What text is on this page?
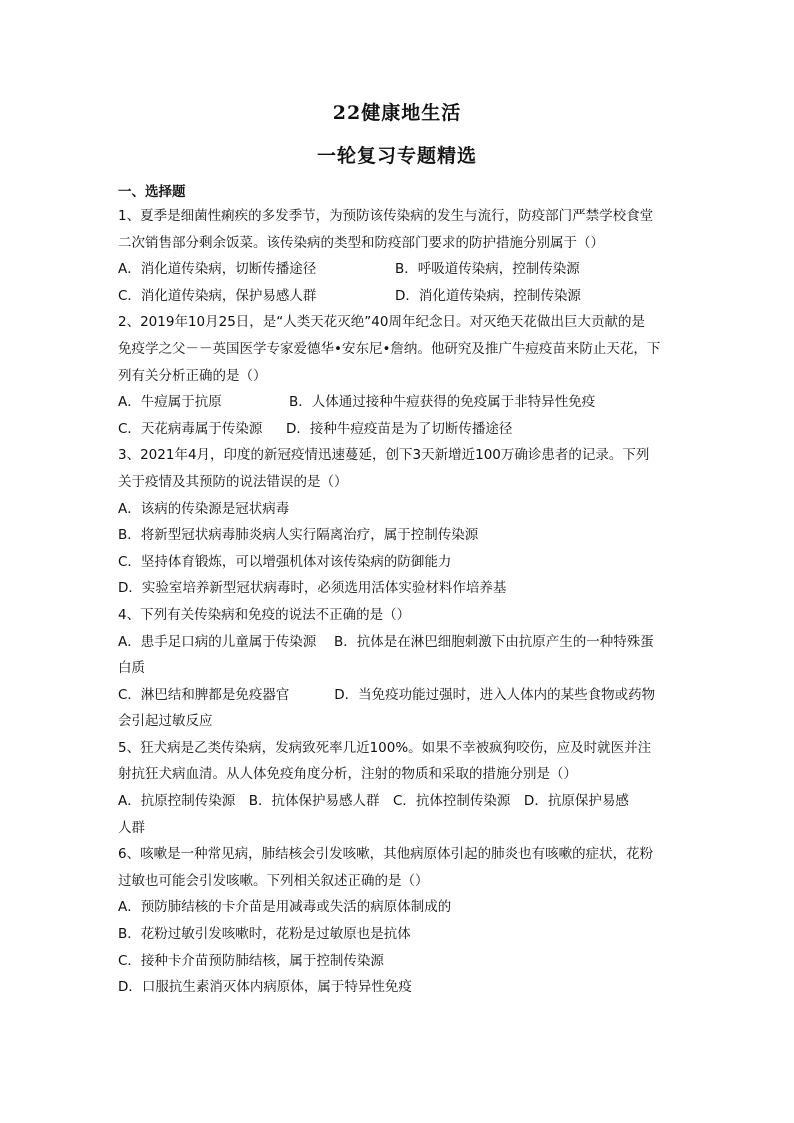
22健康地生活
一轮复习专题精选
一、选择题
1、夏季是细菌性痢疾的多发季节，为预防该传染病的发生与流行，防疫部门严禁学校食堂
二次销售部分剩余饭菜。该传染病的类型和防疫部门要求的防护措施分别属于（）
A．消化道传染病，切断传播途径	B．呼吸道传染病，控制传染源
C．消化道传染病，保护易感人群	D．消化道传染病，控制传染源
2、2019年10月25日，是“人类天花灭绝”40周年纪念日。对灭绝天花做出巨大贡献的是
免疫学之父－－英国医学专家爱德华•安东尼•詹纳。他研究及推广牛痘疫苗来防止天花，下
列有关分析正确的是（）
A．牛痘属于抗原	B．人体通过接种牛痘获得的免疫属于非特异性免疫
C．天花病毒属于传染源 D．接种牛痘疫苗是为了切断传播途径
3、2021年4月，印度的新冠疫情迅速蔓延，创下3天新增近100万确诊患者的记录。下列
关于疫情及其预防的说法错误的是（）
A．该病的传染源是冠状病毒
B．将新型冠状病毒肺炎病人实行隔离治疗，属于控制传染源
C．坚持体育锻炼，可以增强机体对该传染病的防御能力
D．实验室培养新型冠状病毒时，必须选用活体实验材料作培养基
4、下列有关传染病和免疫的说法不正确的是（）
A．患手足口病的儿童属于传染源　 B．抗体是在淋巴细胞刺激下由抗原产生的一种特殊蛋
白质
C．淋巴结和脾都是免疫器官　　　 D．当免疫功能过强时，进入人体内的某些食物或药物
会引起过敏反应
5、狂犬病是乙类传染病，发病致死率几近100%。如果不幸被疯狗咬伤，应及时就医并注
射抗狂犬病血清。从人体免疫角度分析，注射的物质和采取的措施分别是（）
A．抗原控制传染源　B．抗体保护易感人群　C．抗体控制传染源　D．抗原保护易感
人群
6、咳嗽是一种常见病，肺结核会引发咳嗽，其他病原体引起的肺炎也有咳嗽的症状，花粉
过敏也可能会引发咳嗽。下列相关叙述正确的是（）
A．预防肺结核的卡介苗是用减毒或失活的病原体制成的
B．花粉过敏引发咳嗽时，花粉是过敏原也是抗体
C．接种卡介苗预防肺结核，属于控制传染源
D．口服抗生素消灭体内病原体，属于特异性免疫
